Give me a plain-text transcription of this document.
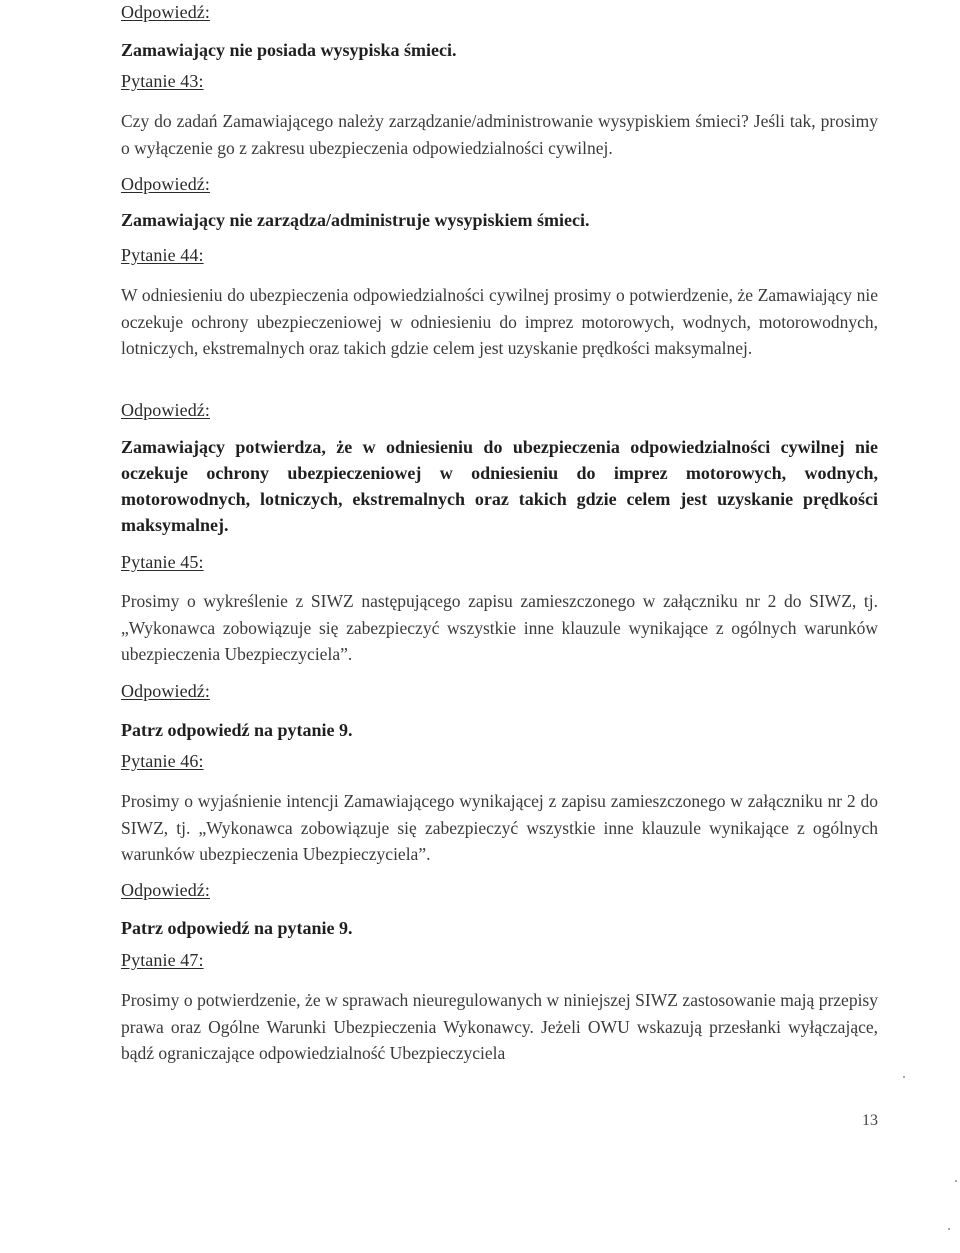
Odpowiedź:
Zamawiający nie posiada wysypiska śmieci.
Pytanie 43:
Czy do zadań Zamawiającego należy zarządzanie/administrowanie wysypiskiem śmieci? Jeśli tak, prosimy o wyłączenie go z zakresu ubezpieczenia odpowiedzialności cywilnej.
Odpowiedź:
Zamawiający nie zarządza/administruje wysypiskiem śmieci.
Pytanie 44:
W odniesieniu do ubezpieczenia odpowiedzialności cywilnej prosimy o potwierdzenie, że Zamawiający nie oczekuje ochrony ubezpieczeniowej w odniesieniu do imprez motorowych, wodnych, motorowodnych, lotniczych, ekstremalnych oraz takich gdzie celem jest uzyskanie prędkości maksymalnej.
Odpowiedź:
Zamawiający potwierdza, że w odniesieniu do ubezpieczenia odpowiedzialności cywilnej nie oczekuje ochrony ubezpieczeniowej w odniesieniu do imprez motorowych, wodnych, motorowodnych, lotniczych, ekstremalnych oraz takich gdzie celem jest uzyskanie prędkości maksymalnej.
Pytanie 45:
Prosimy o wykreślenie z SIWZ następującego zapisu zamieszczonego w załączniku nr 2 do SIWZ, tj. „Wykonawca zobowiązuje się zabezpieczyć wszystkie inne klauzule wynikające z ogólnych warunków ubezpieczenia Ubezpieczyciela”.
Odpowiedź:
Patrz odpowiedź na pytanie 9.
Pytanie 46:
Prosimy o wyjaśnienie intencji Zamawiającego wynikającej z zapisu zamieszczonego w załączniku nr 2 do SIWZ, tj. „Wykonawca zobowiązuje się zabezpieczyć wszystkie inne klauzule wynikające z ogólnych warunków ubezpieczenia Ubezpieczyciela”.
Odpowiedź:
Patrz odpowiedź na pytanie 9.
Pytanie 47:
Prosimy o potwierdzenie, że w sprawach nieuregulowanych w niniejszej SIWZ zastosowanie mają przepisy prawa oraz Ogólne Warunki Ubezpieczenia Wykonawcy. Jeżeli OWU wskazują przesłanki wyłączające, bądź ograniczające odpowiedzialność Ubezpieczyciela
13
